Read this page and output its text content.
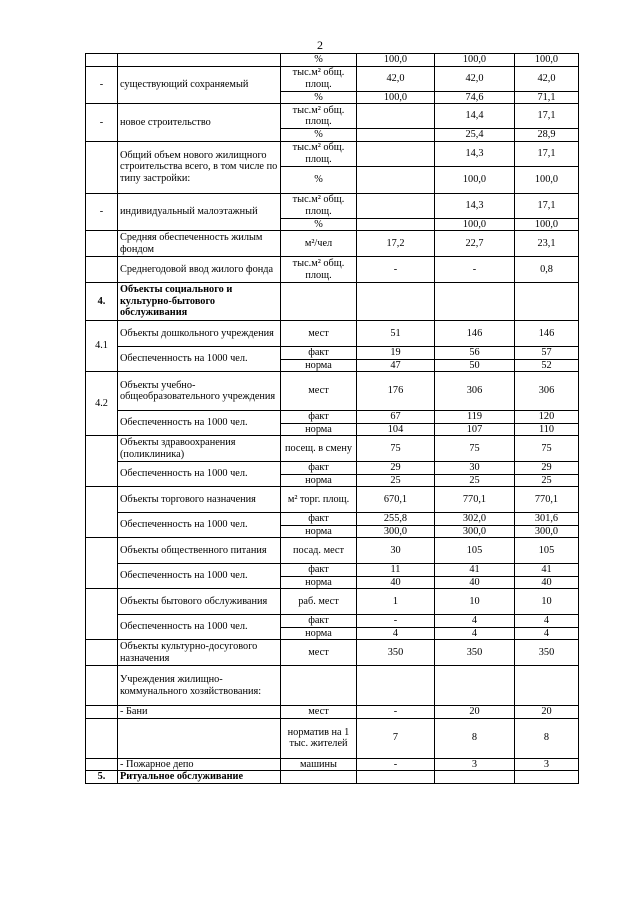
2
		%	100,0	100,0	100,0
-	существующий сохраняемый	тыс.м² общ. площ.	42,0	42,0	42,0
		%	100,0	74,6	71,1
-	новое строительство	тыс.м² общ. площ.		14,4	17,1
		%		25,4	28,9
	Общий объем нового жилищного строительства всего, в том числе по типу застройки:	тыс.м² общ. площ.		14,3	17,1
		%		100,0	100,0
-	индивидуальный малоэтажный	тыс.м² общ. площ.		14,3	17,1
		%		100,0	100,0
	Средняя обеспеченность жилым фондом	м²/чел	17,2	22,7	23,1
	Среднегодовой ввод жилого фонда	тыс.м² общ. площ.	-	-	0,8
4.	Объекты социального и культурно-бытового обслуживания				
4.1	Объекты дошкольного учреждения	мест	51	146	146
	Обеспеченность на 1000 чел.	факт	19	56	57
		норма	47	50	52
4.2	Объекты учебно-общеобразовательного учреждения	мест	176	306	306
	Обеспеченность на 1000 чел.	факт	67	119	120
		норма	104	107	110
	Объекты здравоохранения (поликлиника)	посещ. в смену	75	75	75
	Обеспеченность на 1000 чел.	факт	29	30	29
		норма	25	25	25
	Объекты торгового назначения	м² торг. площ.	670,1	770,1	770,1
	Обеспеченность на 1000 чел.	факт	255,8	302,0	301,6
		норма	300,0	300,0	300,0
	Объекты общественного питания	посад. мест	30	105	105
	Обеспеченность на 1000 чел.	факт	11	41	41
		норма	40	40	40
	Объекты бытового обслуживания	раб. мест	1	10	10
	Обеспеченность на 1000 чел.	факт	-	4	4
		норма	4	4	4
	Объекты культурно-досугового назначения	мест	350	350	350
	Учреждения жилищно-коммунального хозяйствования:				
	- Бани	мест	-	20	20
		норматив на 1 тыс. жителей	7	8	8
	- Пожарное депо	машины	-	3	3
5.	Ритуальное обслуживание				
